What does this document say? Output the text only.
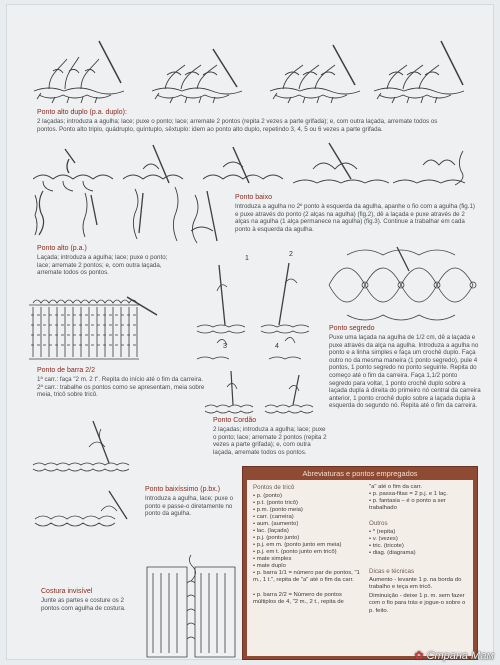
Ponto alto duplo (p.a. duplo):
2 laçadas; introduza a agulha; lace; puxe o ponto; lace; arremate 2 pontos (repita 2 vezes a parte grifada); e, com outra laçada, arremate todos os pontos. Ponto alto triplo, quádruplo, quíntuplo, sêxtuplo: idem ao ponto alto duplo, repetindo 3, 4, 5 ou 6 vezes a parte grifada.
Ponto alto (p.a.)
Laçada; introduza a agulha; lace; puxe o ponto; lace; arremate 2 pontos; e, com outra laçada, arremate todos os pontos.
Ponto baixo
Introduza a agulha no 2º ponto à esquerda da agulha, apanhe o fio com a agulha (fig.1) e puxe através do ponto (2 alças na agulha) (fig.2), dê a laçada e puxe através de 2 alças na agulha (1 alça permanece na agulha) (fig.3). Continue a trabalhar em cada ponto à esquerda da agulha.
Ponto de barra 2/2
1ª carr.: faça "2 m. 2 t". Repita do início até o fim da carreira. 2ª carr.: trabalhe os pontos como se apresentam, meia sobre meia, tricô sobre tricô.
1
2
3	4
Ponto segredo
Puxe uma laçada na agulha de 1/2 cm, dê a laçada e puxe através da alça na agulha. Introduza a agulha no ponto e a linha simples e faça um crochê duplo. Faça outro no da mesma maneira (1 ponto segredo), pule 4 pontos, 1 ponto segredo no ponto seguinte. Repita do começo até o fim da carreira. Faça 1,1/2 ponto segredo para voltar, 1 ponto crochê duplo sobre a laçada dupla à direita do primeiro nó central da carreira anterior, 1 ponto crochê duplo sobre a laçada dupla à esquerda do segundo nó. Repita até o fim da carreira.
Ponto Cordão
2 laçadas; introduza a agulha; lace; puxe o ponto; lace; arremate 2 pontos (repita 2 vezes a parte grifada); e, com outra laçada, arremate todos os pontos.
Ponto baixíssimo (p.bx.)
Introduza a agulha, lace; puxe o ponto e passe-o diretamente no ponto da agulha.
Costura invisível
Junte as partes e costure os 2 pontos com agulha de costura.
Abreviaturas e pontos empregados
Pontos de tricô
• p. (ponto)
• p.t. (ponto tricô)
• p.m. (ponto meia)
• carr. (carreira)
• aum. (aumento)
• lac. (laçada)
• p.j. (ponto junto)
• p.j. em m. (ponto junto em meia)
• p.j. em t. (ponto junto em tricô)
• mate simples
• mate duplo
• p. barra 1/1 = número par de pontos, "1 m., 1 t.", repita de "a" até o fim da carr.
• p. barra 2/2 = Número de pontos múltiplos de 4, "2 m., 2 t., repita de
"a" até o fim da carr.
• p. passa-fitas = 2 p.j. e 1 laç.
• p. fantasia – é o ponto a ser trabalhado
Outros
• * (repita)
• v. (vezes)
• tric. (tricote)
• diag. (diagrama)
Dicas e técnicas
Aumento - levante 1 p. na borda do trabalho e teça em tricô.
Diminuição - deixe 1 p. m. sem fazer com o fio para trás e jogue-o sobre o p. feito.
✿ Страна Мам
